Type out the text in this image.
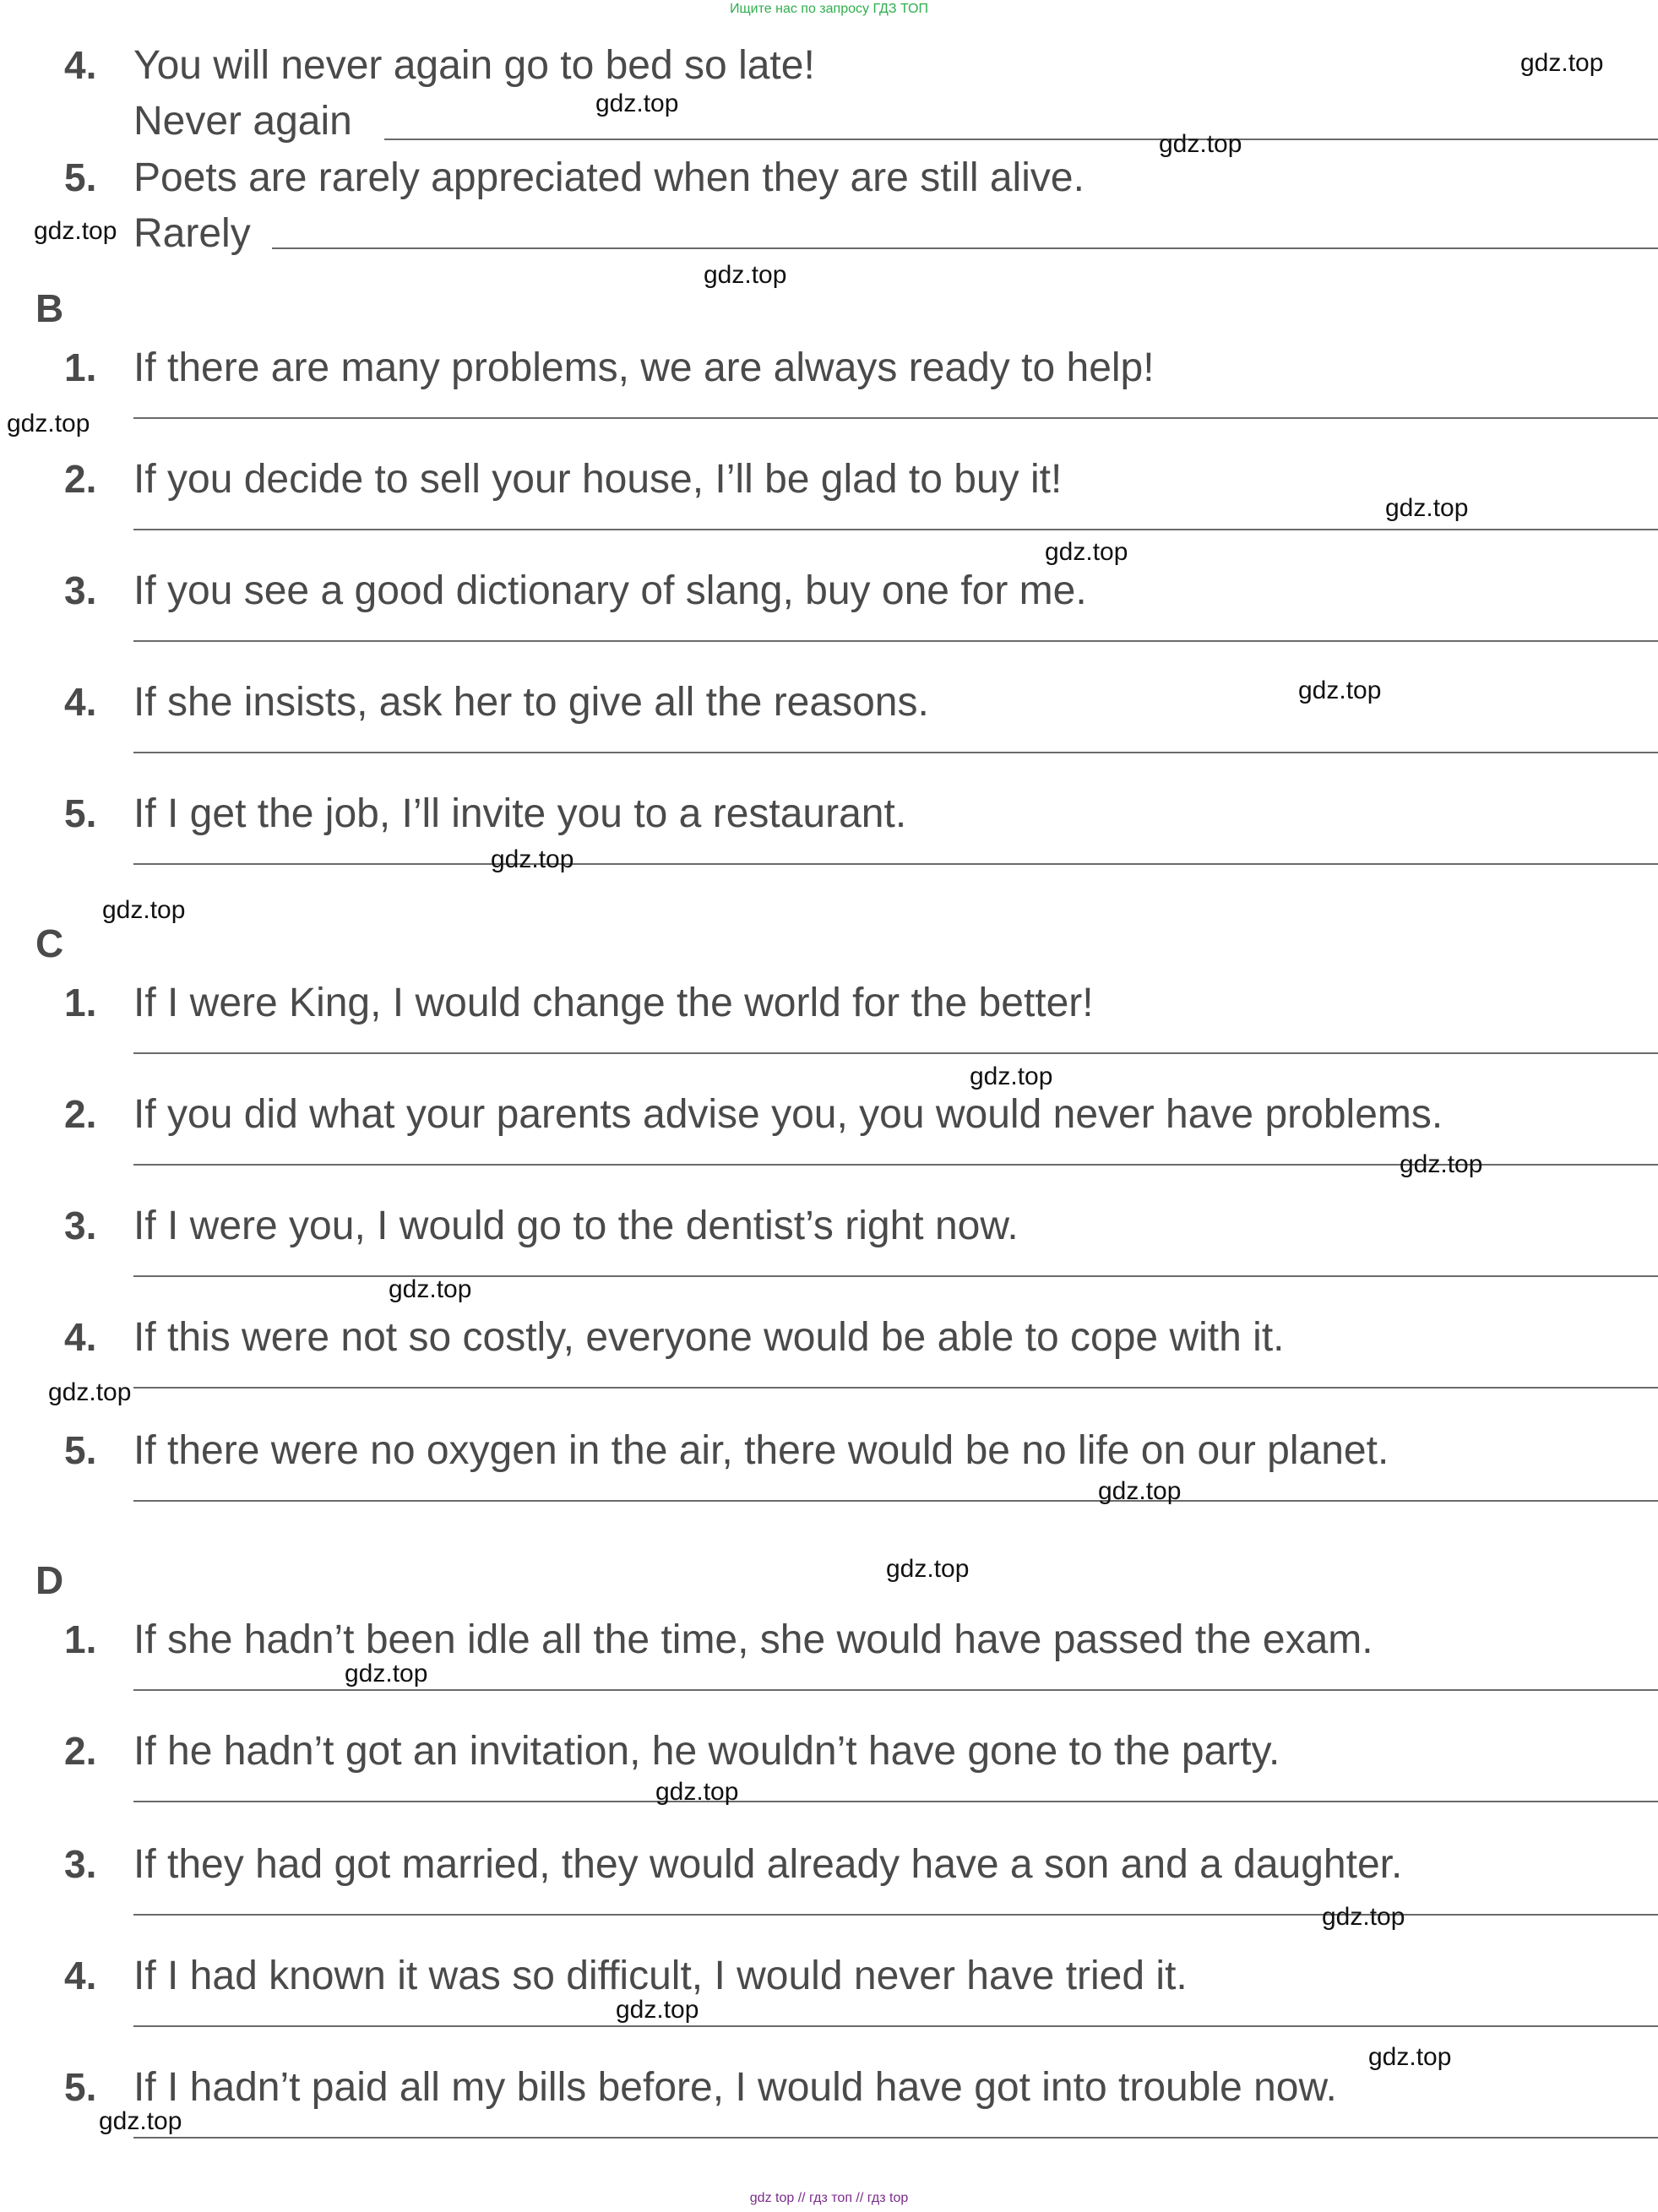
Ищите нас по запросу ГДЗ ТОП
4. You will never again go to bed so late!
Never again
5. Poets are rarely appreciated when they are still alive.
Rarely
B
1. If there are many problems, we are always ready to help!
2. If you decide to sell your house, I’ll be glad to buy it!
3. If you see a good dictionary of slang, buy one for me.
4. If she insists, ask her to give all the reasons.
5. If I get the job, I’ll invite you to a restaurant.
C
1. If I were King, I would change the world for the better!
2. If you did what your parents advise you, you would never have problems.
3. If I were you, I would go to the dentist’s right now.
4. If this were not so costly, everyone would be able to cope with it.
5. If there were no oxygen in the air, there would be no life on our planet.
D
1. If she hadn’t been idle all the time, she would have passed the exam.
2. If he hadn’t got an invitation, he wouldn’t have gone to the party.
3. If they had got married, they would already have a son and a daughter.
4. If I had known it was so difficult, I would never have tried it.
5. If I hadn’t paid all my bills before, I would have got into trouble now.
gdz.top
gdz.top
gdz.top
gdz.top
gdz.top
gdz.top
gdz.top
gdz.top
gdz.top
gdz.top
gdz.top
gdz.top
gdz.top
gdz.top
gdz.top
gdz.top
gdz.top
gdz.top
gdz.top
gdz.top
gdz.top
gdz.top
gdz.top
gdz top // гдз топ // гдз top
